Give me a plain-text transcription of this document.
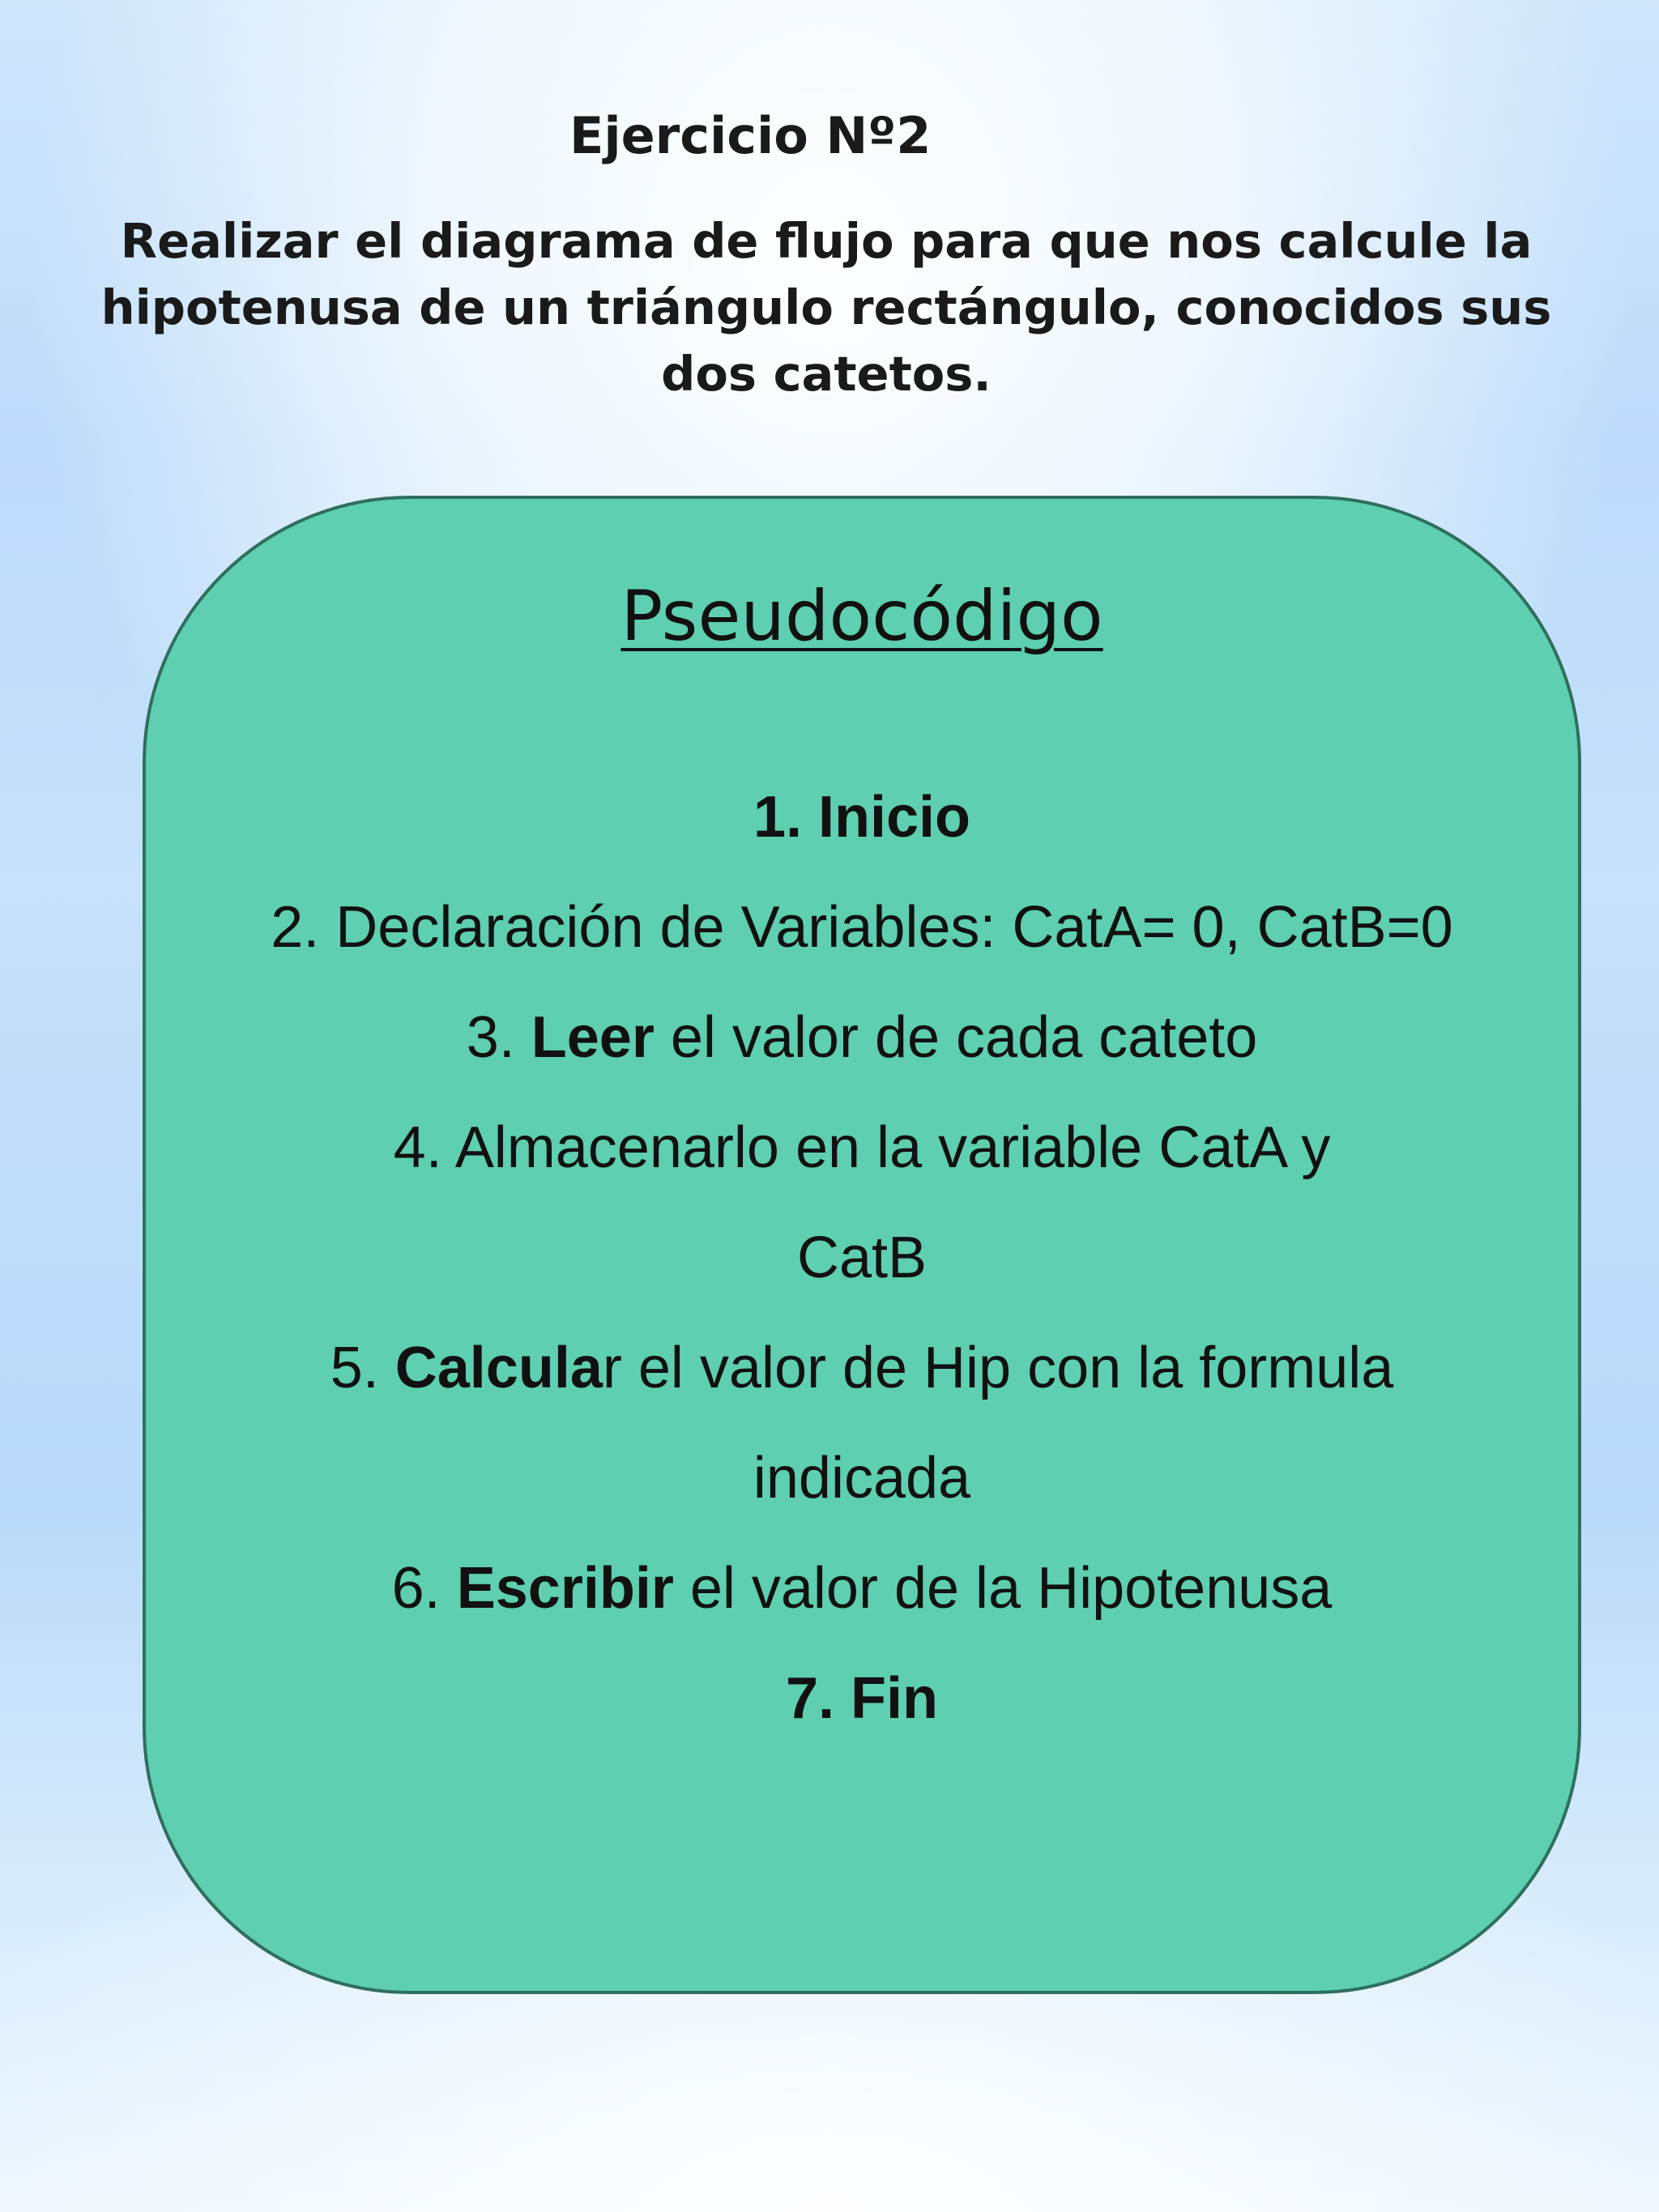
Ejercicio Nº2
Realizar el diagrama de flujo para que nos calcule la
hipotenusa de un triángulo rectángulo, conocidos sus
dos catetos.
Pseudocódigo
1. Inicio
2. Declaración de Variables: CatA= 0, CatB=0
3. Leer el valor de cada cateto
4. Almacenarlo en la variable CatA y
CatB
5. Calcular el valor de Hip con la formula
indicada
6. Escribir el valor de la Hipotenusa
7. Fin
